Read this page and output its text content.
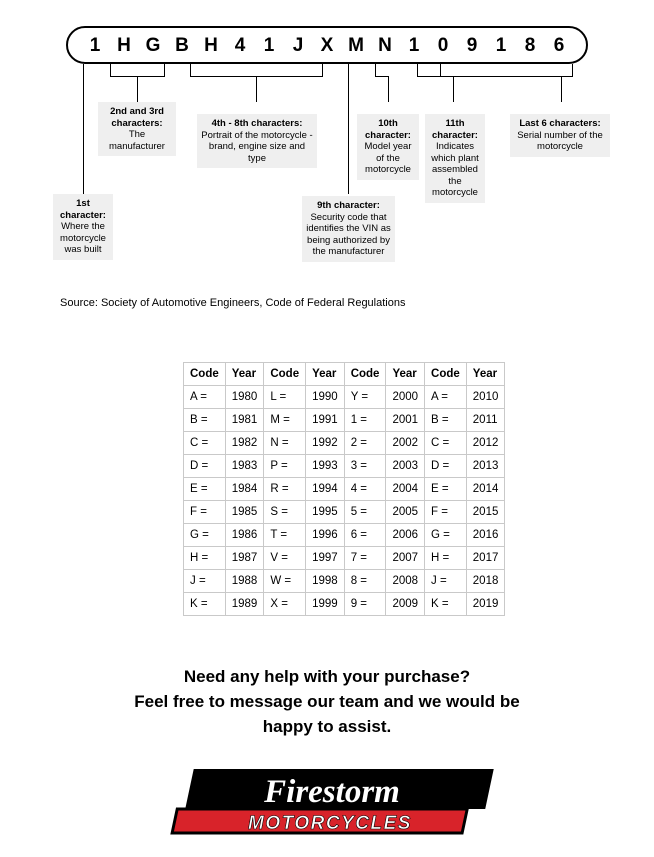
1 H G B H 4 1 J X M N 1 0 9 1 8 6
2nd and 3rd characters:
The manufacturer
4th - 8th characters:
Portrait of the motorcycle - brand, engine size and type
10th character:
Model year of the motorcycle
11th character:
Indicates which plant assembled the motorcycle
Last 6 characters:
Serial number of the motorcycle
9th character:
Security code that identifies the VIN as being authorized by the manufacturer
1st character:
Where the motorcycle was built
Source: Society of Automotive Engineers, Code of Federal Regulations
Code	Year	Code	Year	Code	Year	Code	Year
A =	1980	L =	1990	Y =	2000	A =	2010
B =	1981	M =	1991	1 =	2001	B =	2011
C =	1982	N =	1992	2 =	2002	C =	2012
D =	1983	P =	1993	3 =	2003	D =	2013
E =	1984	R =	1994	4 =	2004	E =	2014
F =	1985	S =	1995	5 =	2005	F =	2015
G =	1986	T =	1996	6 =	2006	G =	2016
H =	1987	V =	1997	7 =	2007	H =	2017
J =	1988	W =	1998	8 =	2008	J =	2018
K =	1989	X =	1999	9 =	2009	K =	2019
Need any help with your purchase?
Feel free to message our team and we would be
happy to assist.
Firestorm
MOTORCYCLES
